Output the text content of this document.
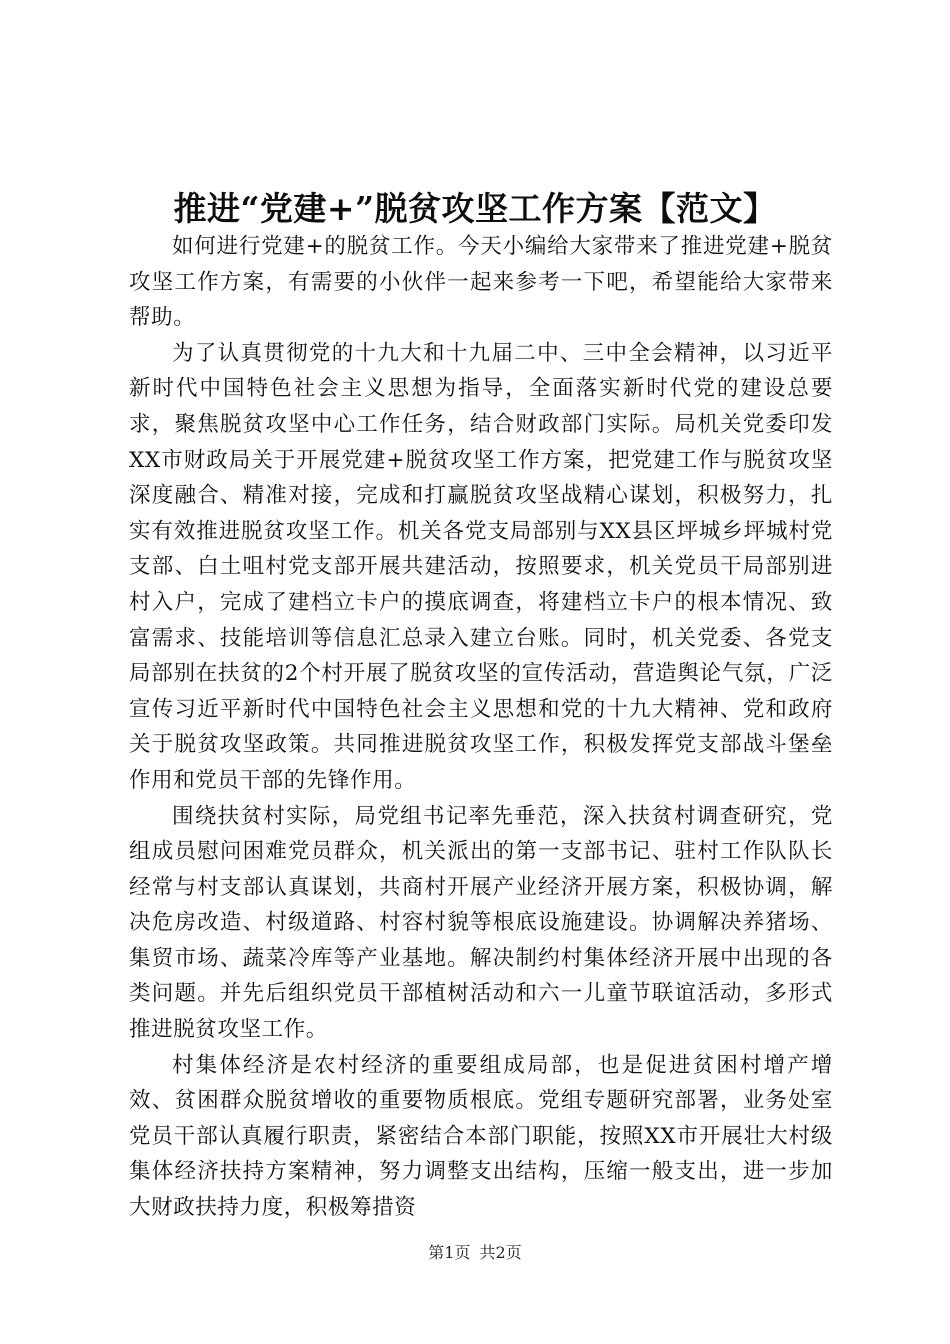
推进“党建+”脱贫攻坚工作方案【范文】

如何进行党建+的脱贫工作。今天小编给大家带来了推进党建+脱贫攻坚工作方案，有需要的小伙伴一起来参考一下吧，希望能给大家带来帮助。

为了认真贯彻党的十九大和十九届二中、三中全会精神，以习近平新时代中国特色社会主义思想为指导，全面落实新时代党的建设总要求，聚焦脱贫攻坚中心工作任务，结合财政部门实际。局机关党委印发XX市财政局关于开展党建+脱贫攻坚工作方案，把党建工作与脱贫攻坚深度融合、精准对接，完成和打赢脱贫攻坚战精心谋划，积极努力，扎实有效推进脱贫攻坚工作。机关各党支局部别与XX县区坪城乡坪城村党支部、白土咀村党支部开展共建活动，按照要求，机关党员干局部别进村入户，完成了建档立卡户的摸底调查，将建档立卡户的根本情况、致富需求、技能培训等信息汇总录入建立台账。同时，机关党委、各党支局部别在扶贫的2个村开展了脱贫攻坚的宣传活动，营造舆论气氛，广泛宣传习近平新时代中国特色社会主义思想和党的十九大精神、党和政府关于脱贫攻坚政策。共同推进脱贫攻坚工作，积极发挥党支部战斗堡垒作用和党员干部的先锋作用。

围绕扶贫村实际，局党组书记率先垂范，深入扶贫村调查研究，党组成员慰问困难党员群众，机关派出的第一支部书记、驻村工作队队长经常与村支部认真谋划，共商村开展产业经济开展方案，积极协调，解决危房改造、村级道路、村容村貌等根底设施建设。协调解决养猪场、集贸市场、蔬菜冷库等产业基地。解决制约村集体经济开展中出现的各类问题。并先后组织党员干部植树活动和六一儿童节联谊活动，多形式推进脱贫攻坚工作。

村集体经济是农村经济的重要组成局部，也是促进贫困村增产增效、贫困群众脱贫增收的重要物质根底。党组专题研究部署，业务处室党员干部认真履行职责，紧密结合本部门职能，按照XX市开展壮大村级集体经济扶持方案精神，努力调整支出结构，压缩一般支出，进一步加大财政扶持力度，积极筹措资

第1页 共2页
